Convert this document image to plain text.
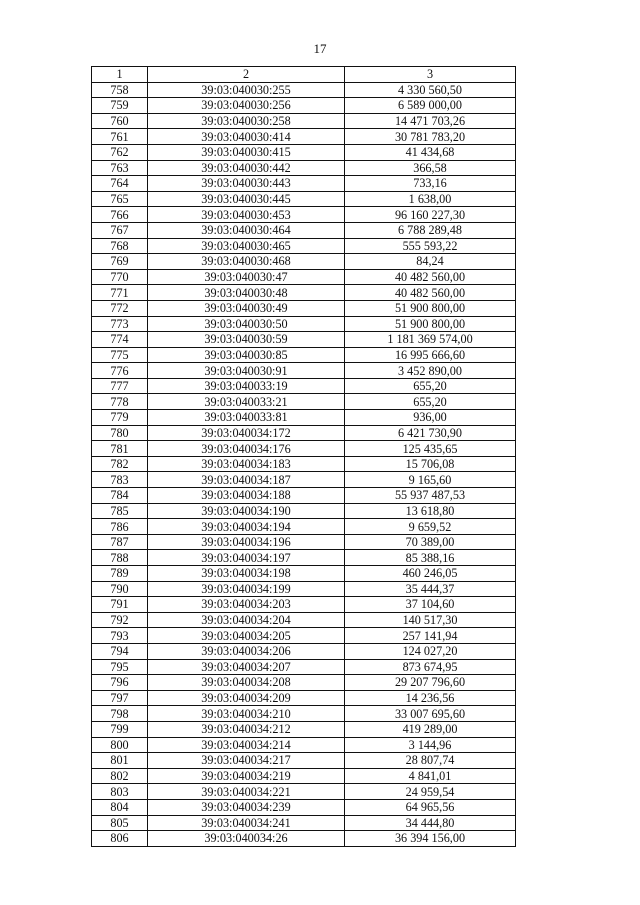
17
1	2	3
758	39:03:040030:255	4 330 560,50
759	39:03:040030:256	6 589 000,00
760	39:03:040030:258	14 471 703,26
761	39:03:040030:414	30 781 783,20
762	39:03:040030:415	41 434,68
763	39:03:040030:442	366,58
764	39:03:040030:443	733,16
765	39:03:040030:445	1 638,00
766	39:03:040030:453	96 160 227,30
767	39:03:040030:464	6 788 289,48
768	39:03:040030:465	555 593,22
769	39:03:040030:468	84,24
770	39:03:040030:47	40 482 560,00
771	39:03:040030:48	40 482 560,00
772	39:03:040030:49	51 900 800,00
773	39:03:040030:50	51 900 800,00
774	39:03:040030:59	1 181 369 574,00
775	39:03:040030:85	16 995 666,60
776	39:03:040030:91	3 452 890,00
777	39:03:040033:19	655,20
778	39:03:040033:21	655,20
779	39:03:040033:81	936,00
780	39:03:040034:172	6 421 730,90
781	39:03:040034:176	125 435,65
782	39:03:040034:183	15 706,08
783	39:03:040034:187	9 165,60
784	39:03:040034:188	55 937 487,53
785	39:03:040034:190	13 618,80
786	39:03:040034:194	9 659,52
787	39:03:040034:196	70 389,00
788	39:03:040034:197	85 388,16
789	39:03:040034:198	460 246,05
790	39:03:040034:199	35 444,37
791	39:03:040034:203	37 104,60
792	39:03:040034:204	140 517,30
793	39:03:040034:205	257 141,94
794	39:03:040034:206	124 027,20
795	39:03:040034:207	873 674,95
796	39:03:040034:208	29 207 796,60
797	39:03:040034:209	14 236,56
798	39:03:040034:210	33 007 695,60
799	39:03:040034:212	419 289,00
800	39:03:040034:214	3 144,96
801	39:03:040034:217	28 807,74
802	39:03:040034:219	4 841,01
803	39:03:040034:221	24 959,54
804	39:03:040034:239	64 965,56
805	39:03:040034:241	34 444,80
806	39:03:040034:26	36 394 156,00
